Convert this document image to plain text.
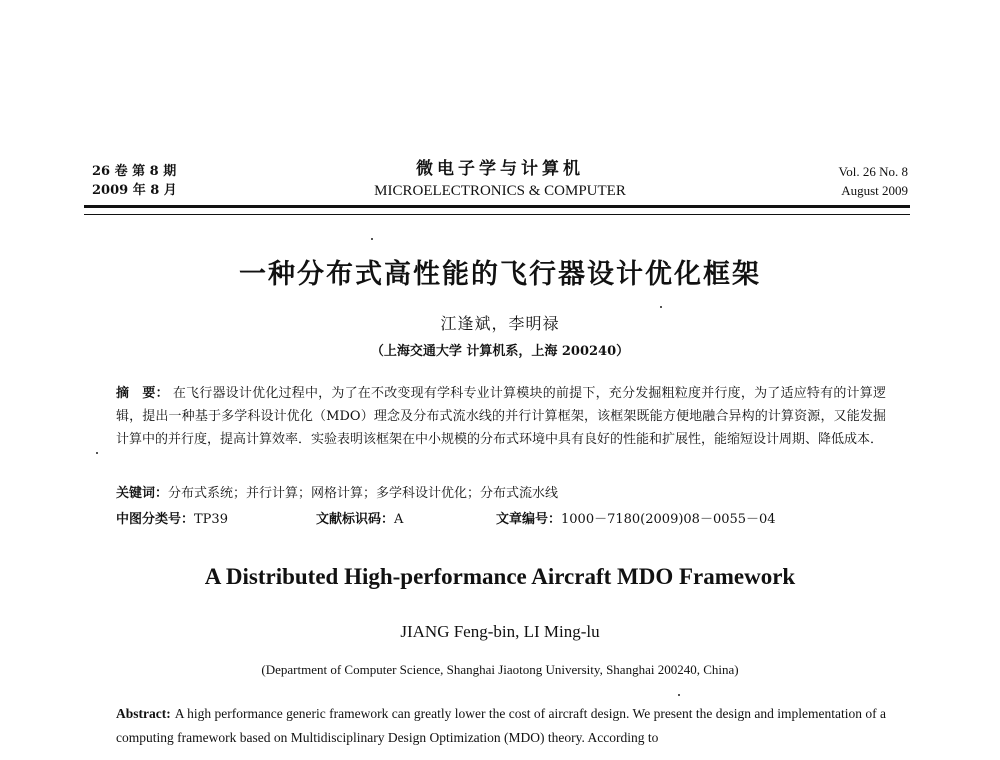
26 卷 第 8 期
2009 年 8 月
微电子学与计算机
MICROELECTRONICS & COMPUTER
Vol. 26 No. 8
August 2009
一种分布式高性能的飞行器设计优化框架
江逢斌，李明禄
（上海交通大学 计算机系，上海 200240）
摘　要： 在飞行器设计优化过程中，为了在不改变现有学科专业计算模块的前提下，充分发掘粗粒度并行度，为了适应特有的计算逻辑，提出一种基于多学科设计优化（MDO）理念及分布式流水线的并行计算框架，该框架既能方便地融合异构的计算资源，又能发掘计算中的并行度，提高计算效率．实验表明该框架在中小规模的分布式环境中具有良好的性能和扩展性，能缩短设计周期、降低成本．
关键词：分布式系统；并行计算；网格计算；多学科设计优化；分布式流水线
中图分类号：TP39	文献标识码：A	文章编号：1000－7180(2009)08－0055－04
A Distributed High-performance Aircraft MDO Framework
JIANG Feng-bin, LI Ming-lu
(Department of Computer Science, Shanghai Jiaotong University, Shanghai 200240, China)
Abstract: A high performance generic framework can greatly lower the cost of aircraft design. We present the design and implementation of a computing framework based on Multidisciplinary Design Optimization (MDO) theory. According to
